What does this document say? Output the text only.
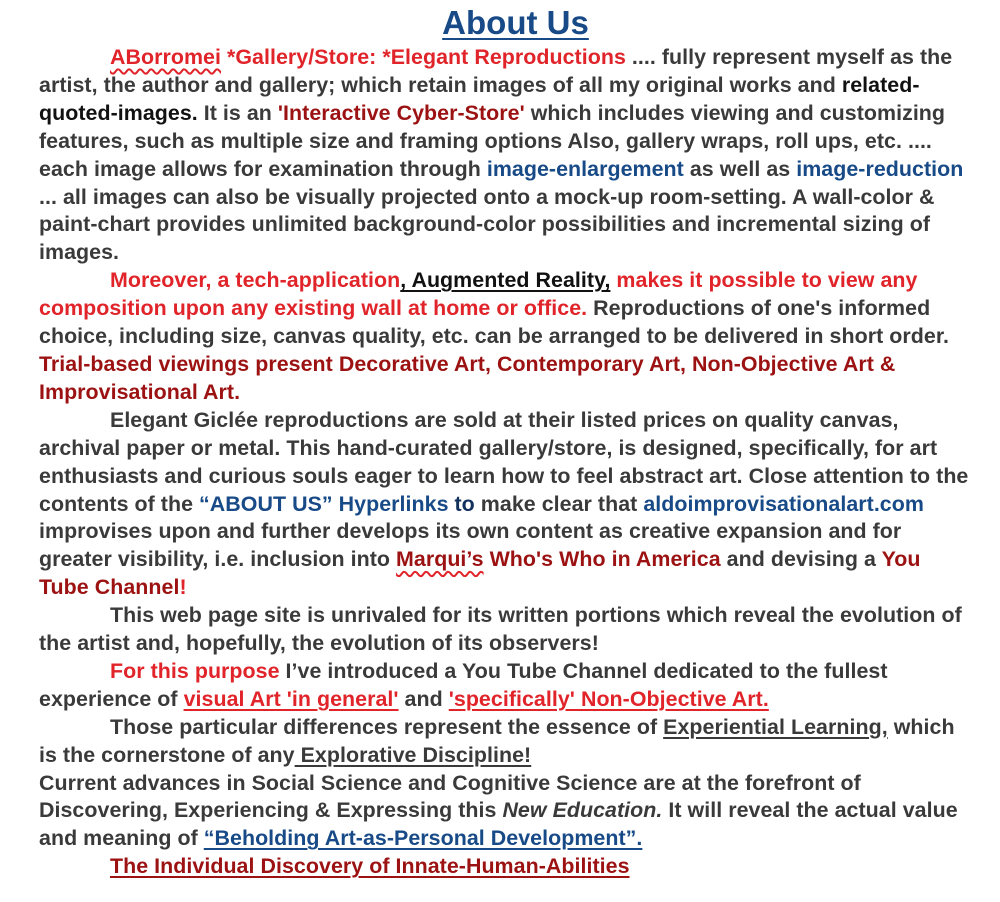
About Us

ABorromei *Gallery/Store: *Elegant Reproductions .... fully represent myself as the artist, the author and gallery; which retain images of all my original works and related-quoted-images. It is an 'Interactive Cyber-Store' which includes viewing and customizing features, such as multiple size and framing options Also, gallery wraps, roll ups, etc. .... each image allows for examination through image-enlargement as well as image-reduction ... all images can also be visually projected onto a mock-up room-setting. A wall-color & paint-chart provides unlimited background-color possibilities and incremental sizing of images.

Moreover, a tech-application, Augmented Reality, makes it possible to view any composition upon any existing wall at home or office. Reproductions of one's informed choice, including size, canvas quality, etc. can be arranged to be delivered in short order. Trial-based viewings present Decorative Art, Contemporary Art, Non-Objective Art & Improvisational Art.

Elegant Giclée reproductions are sold at their listed prices on quality canvas, archival paper or metal. This hand-curated gallery/store, is designed, specifically, for art enthusiasts and curious souls eager to learn how to feel abstract art. Close attention to the contents of the “ABOUT US” Hyperlinks to make clear that aldoimprovisationalart.com improvises upon and further develops its own content as creative expansion and for greater visibility, i.e. inclusion into Marqui’s Who's Who in America and devising a You Tube Channel!

This web page site is unrivaled for its written portions which reveal the evolution of the artist and, hopefully, the evolution of its observers!

For this purpose I’ve introduced a You Tube Channel dedicated to the fullest experience of visual Art 'in general' and 'specifically' Non-Objective Art.

Those particular differences represent the essence of Experiential Learning, which is the cornerstone of any Explorative Discipline!

Current advances in Social Science and Cognitive Science are at the forefront of Discovering, Experiencing & Expressing this New Education. It will reveal the actual value and meaning of “Beholding Art-as-Personal Development”.

The Individual Discovery of Innate-Human-Abilities
